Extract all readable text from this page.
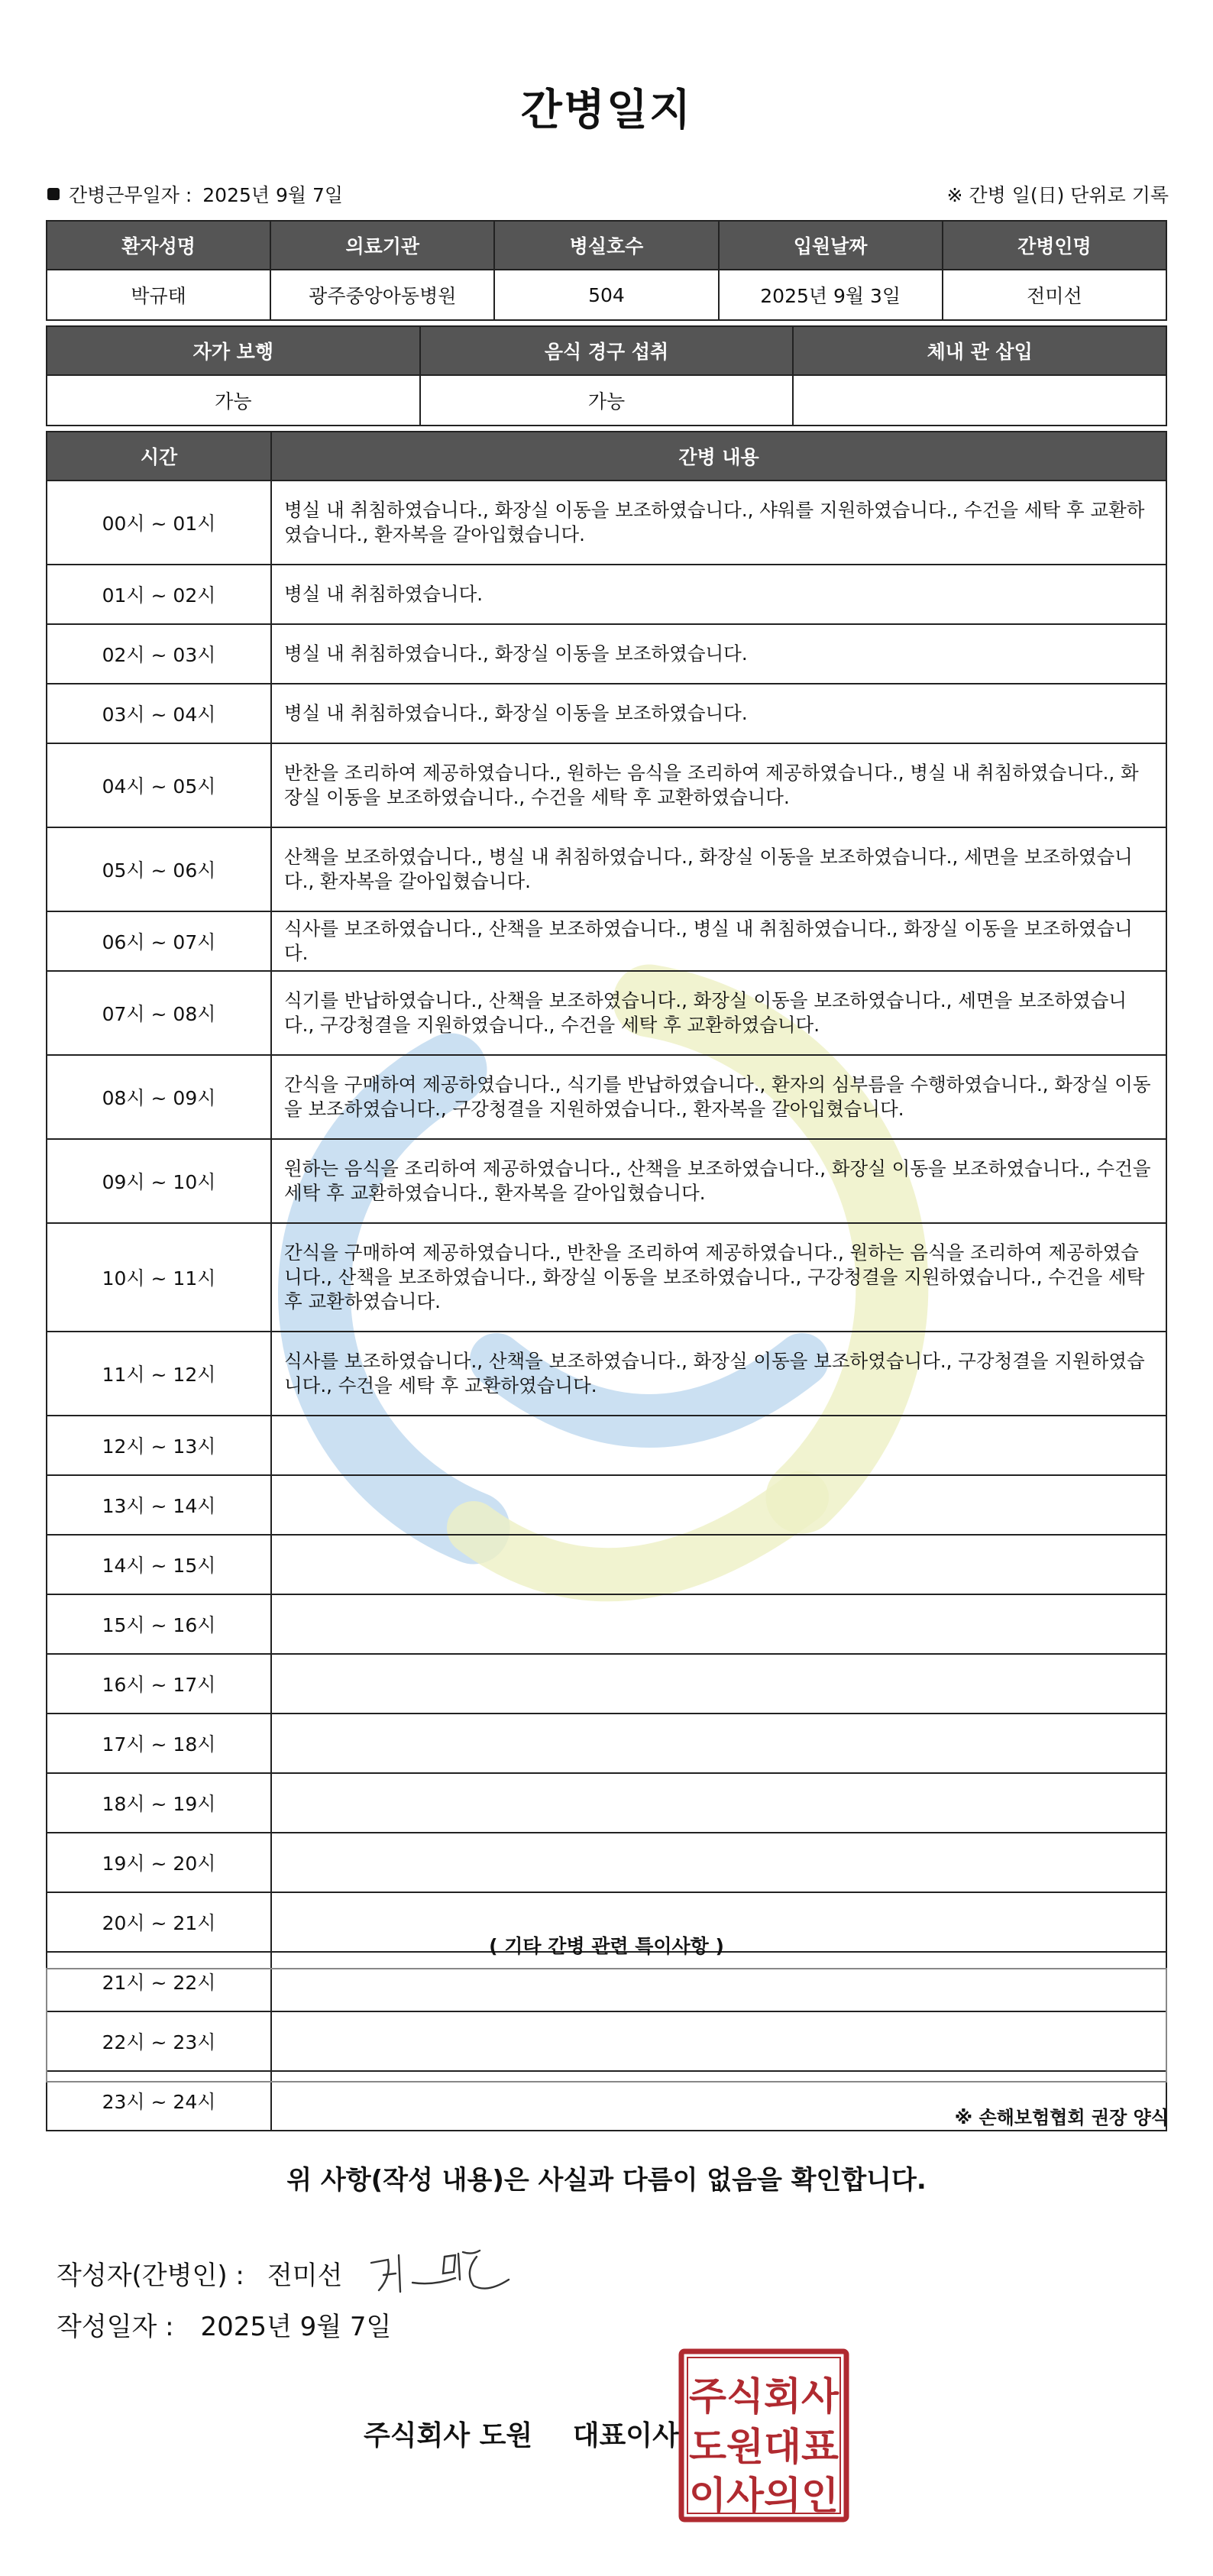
간병일지
간병근무일자 : 2025년 9월 7일	※ 간병 일(日) 단위로 기록
환자성명	의료기관	병실호수	입원날짜	간병인명
박규태	광주중앙아동병원	504	2025년 9월 3일	전미선
자가 보행	음식 경구 섭취	체내 관 삽입
가능	가능	
시간	간병 내용
00시 ~ 01시	병실 내 취침하였습니다., 화장실 이동을 보조하였습니다., 샤워를 지원하였습니다., 수건을 세탁 후 교환하였습니다., 환자복을 갈아입혔습니다.
01시 ~ 02시	병실 내 취침하였습니다.
02시 ~ 03시	병실 내 취침하였습니다., 화장실 이동을 보조하였습니다.
03시 ~ 04시	병실 내 취침하였습니다., 화장실 이동을 보조하였습니다.
04시 ~ 05시	반찬을 조리하여 제공하였습니다., 원하는 음식을 조리하여 제공하였습니다., 병실 내 취침하였습니다., 화장실 이동을 보조하였습니다., 수건을 세탁 후 교환하였습니다.
05시 ~ 06시	산책을 보조하였습니다., 병실 내 취침하였습니다., 화장실 이동을 보조하였습니다., 세면을 보조하였습니다., 환자복을 갈아입혔습니다.
06시 ~ 07시	식사를 보조하였습니다., 산책을 보조하였습니다., 병실 내 취침하였습니다., 화장실 이동을 보조하였습니다.
07시 ~ 08시	식기를 반납하였습니다., 산책을 보조하였습니다., 화장실 이동을 보조하였습니다., 세면을 보조하였습니다., 구강청결을 지원하였습니다., 수건을 세탁 후 교환하였습니다.
08시 ~ 09시	간식을 구매하여 제공하였습니다., 식기를 반납하였습니다., 환자의 심부름을 수행하였습니다., 화장실 이동을 보조하였습니다., 구강청결을 지원하였습니다., 환자복을 갈아입혔습니다.
09시 ~ 10시	원하는 음식을 조리하여 제공하였습니다., 산책을 보조하였습니다., 화장실 이동을 보조하였습니다., 수건을 세탁 후 교환하였습니다., 환자복을 갈아입혔습니다.
10시 ~ 11시	간식을 구매하여 제공하였습니다., 반찬을 조리하여 제공하였습니다., 원하는 음식을 조리하여 제공하였습니다., 산책을 보조하였습니다., 화장실 이동을 보조하였습니다., 구강청결을 지원하였습니다., 수건을 세탁 후 교환하였습니다.
11시 ~ 12시	식사를 보조하였습니다., 산책을 보조하였습니다., 화장실 이동을 보조하였습니다., 구강청결을 지원하였습니다., 수건을 세탁 후 교환하였습니다.
12시 ~ 13시	
13시 ~ 14시	
14시 ~ 15시	
15시 ~ 16시	
16시 ~ 17시	
17시 ~ 18시	
18시 ~ 19시	
19시 ~ 20시	
20시 ~ 21시	
21시 ~ 22시	
22시 ~ 23시	
23시 ~ 24시	
( 기타 간병 관련 특이사항 )
※ 손해보험협회 권장 양식
위 사항(작성 내용)은 사실과 다름이 없음을 확인합니다.
작성자(간병인) : 전미선
작성일자 : 2025년 9월 7일
주식회사 도원 대표이사
주식회사
도원대표
이사의인
